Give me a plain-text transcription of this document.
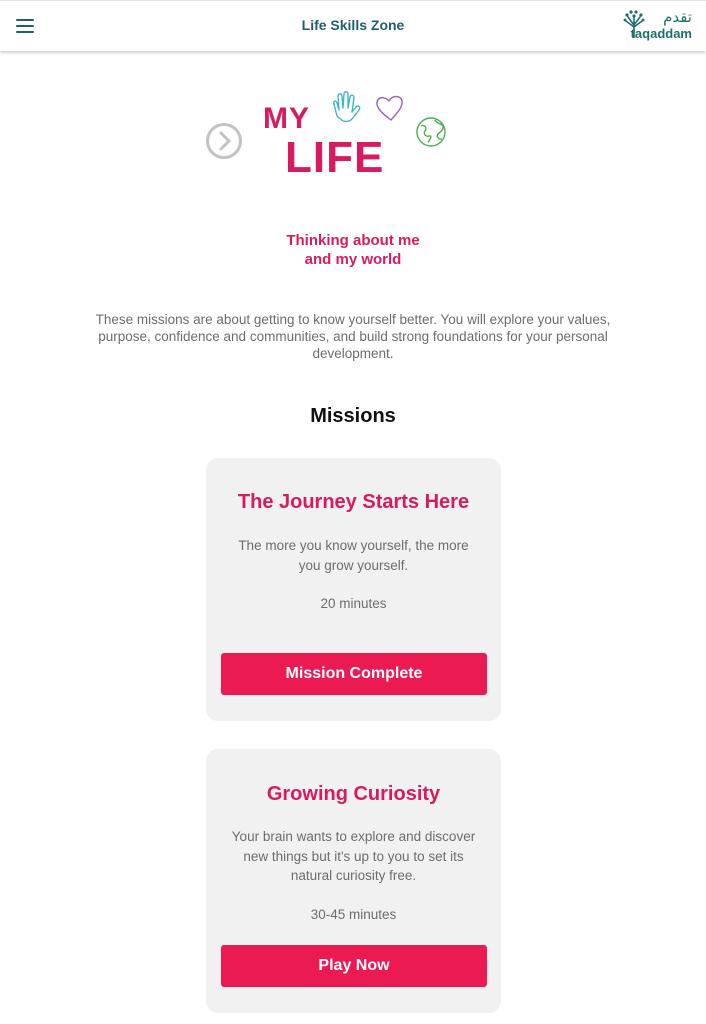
Life Skills Zone	تقدم
taqaddam
MY
LIFE
Thinking about me
and my world
These missions are about getting to know yourself better. You will explore your values, purpose, confidence and communities, and build strong foundations for your personal development.
Missions
The Journey Starts Here
The more you know yourself, the more you grow yourself.
20 minutes
Mission Complete
Growing Curiosity
Your brain wants to explore and discover new things but it's up to you to set its natural curiosity free.
30-45 minutes
Play Now
